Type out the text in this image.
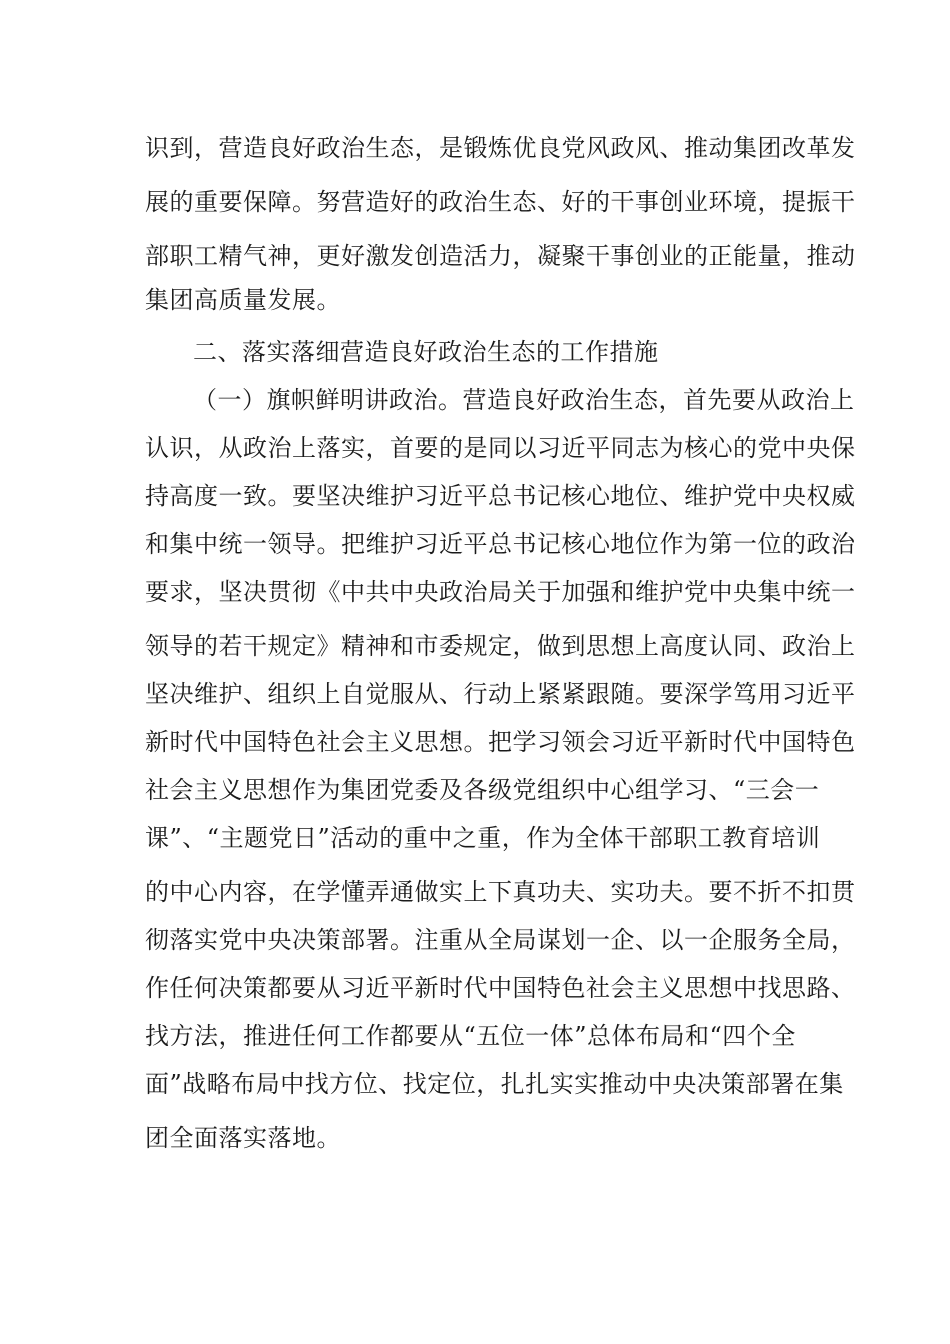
识到，营造良好政治生态，是锻炼优良党风政风、推动集团改革发
展的重要保障。努营造好的政治生态、好的干事创业环境，提振干
部职工精气神，更好激发创造活力，凝聚干事创业的正能量，推动
集团高质量发展。
二、落实落细营造良好政治生态的工作措施
（一）旗帜鲜明讲政治。营造良好政治生态，首先要从政治上
认识，从政治上落实，首要的是同以习近平同志为核心的党中央保
持高度一致。要坚决维护习近平总书记核心地位、维护党中央权威
和集中统一领导。把维护习近平总书记核心地位作为第一位的政治
要求，坚决贯彻《中共中央政治局关于加强和维护党中央集中统一
领导的若干规定》精神和市委规定，做到思想上高度认同、政治上
坚决维护、组织上自觉服从、行动上紧紧跟随。要深学笃用习近平
新时代中国特色社会主义思想。把学习领会习近平新时代中国特色
社会主义思想作为集团党委及各级党组织中心组学习、“三会一
课”、“主题党日”活动的重中之重，作为全体干部职工教育培训
的中心内容，在学懂弄通做实上下真功夫、实功夫。要不折不扣贯
彻落实党中央决策部署。注重从全局谋划一企、以一企服务全局，
作任何决策都要从习近平新时代中国特色社会主义思想中找思路、
找方法，推进任何工作都要从“五位一体”总体布局和“四个全
面”战略布局中找方位、找定位，扎扎实实推动中央决策部署在集
团全面落实落地。
